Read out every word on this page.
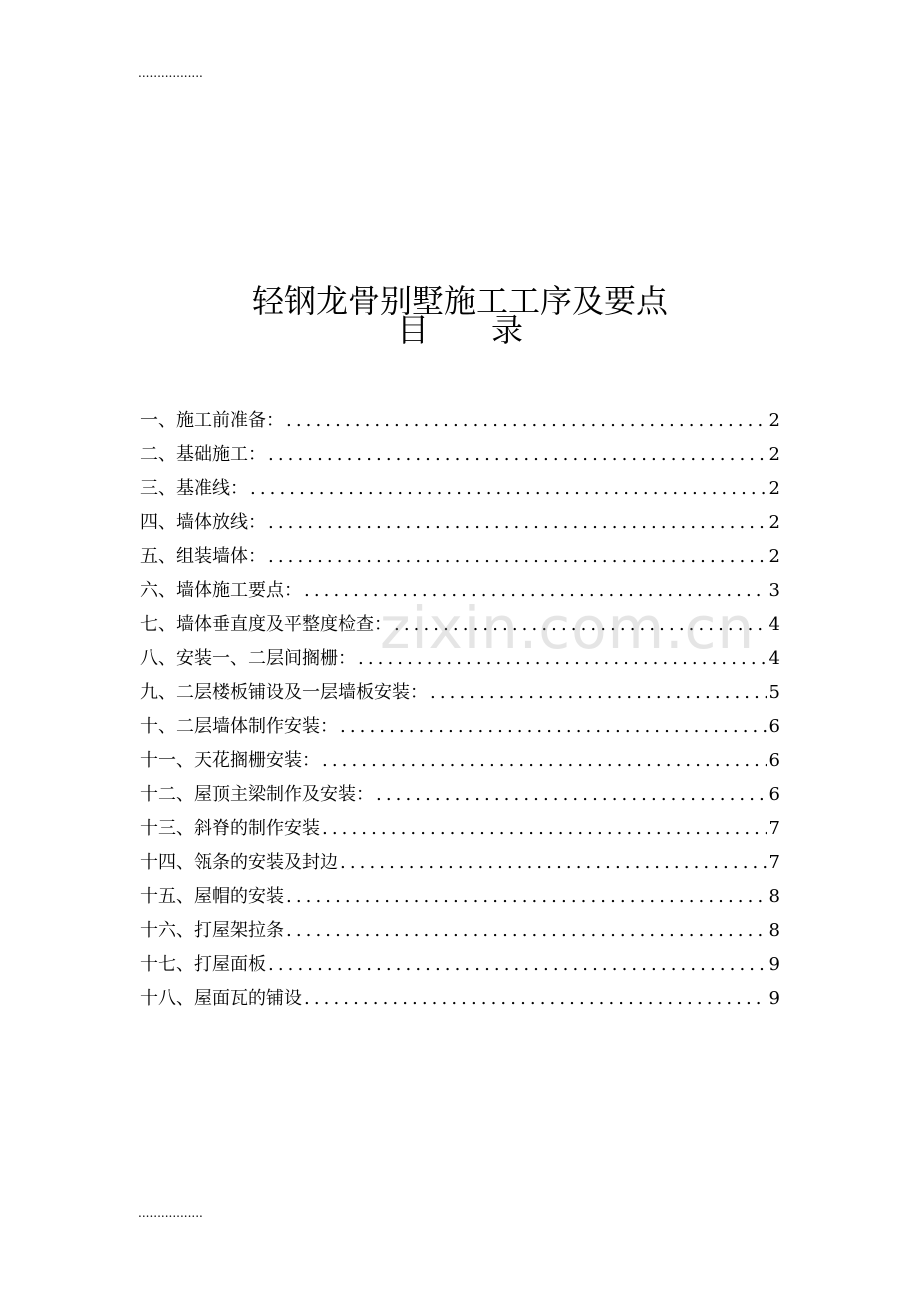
.................
轻钢龙骨别墅施工工序及要点
目 录
一、施工前准备： .....	2
二、基础施工： .....	2
三、基准线： .....	2
四、墙体放线： .....	2
五、组装墙体： .....	2
六、墙体施工要点： .....	3
七、墙体垂直度及平整度检查： .....	4
八、安装一、二层间搁栅： .....	4
九、二层楼板铺设及一层墙板安装： .....	5
十、二层墙体制作安装： .....	6
十一、天花搁栅安装： .....	6
十二、屋顶主梁制作及安装： .....	6
十三、斜脊的制作安装 .....	7
十四、瓴条的安装及封边 .....	7
十五、屋帽的安装 .....	8
十六、打屋架拉条 .....	8
十七、打屋面板 .....	9
十八、屋面瓦的铺设 .....	9
zixin.com.cn
.................
